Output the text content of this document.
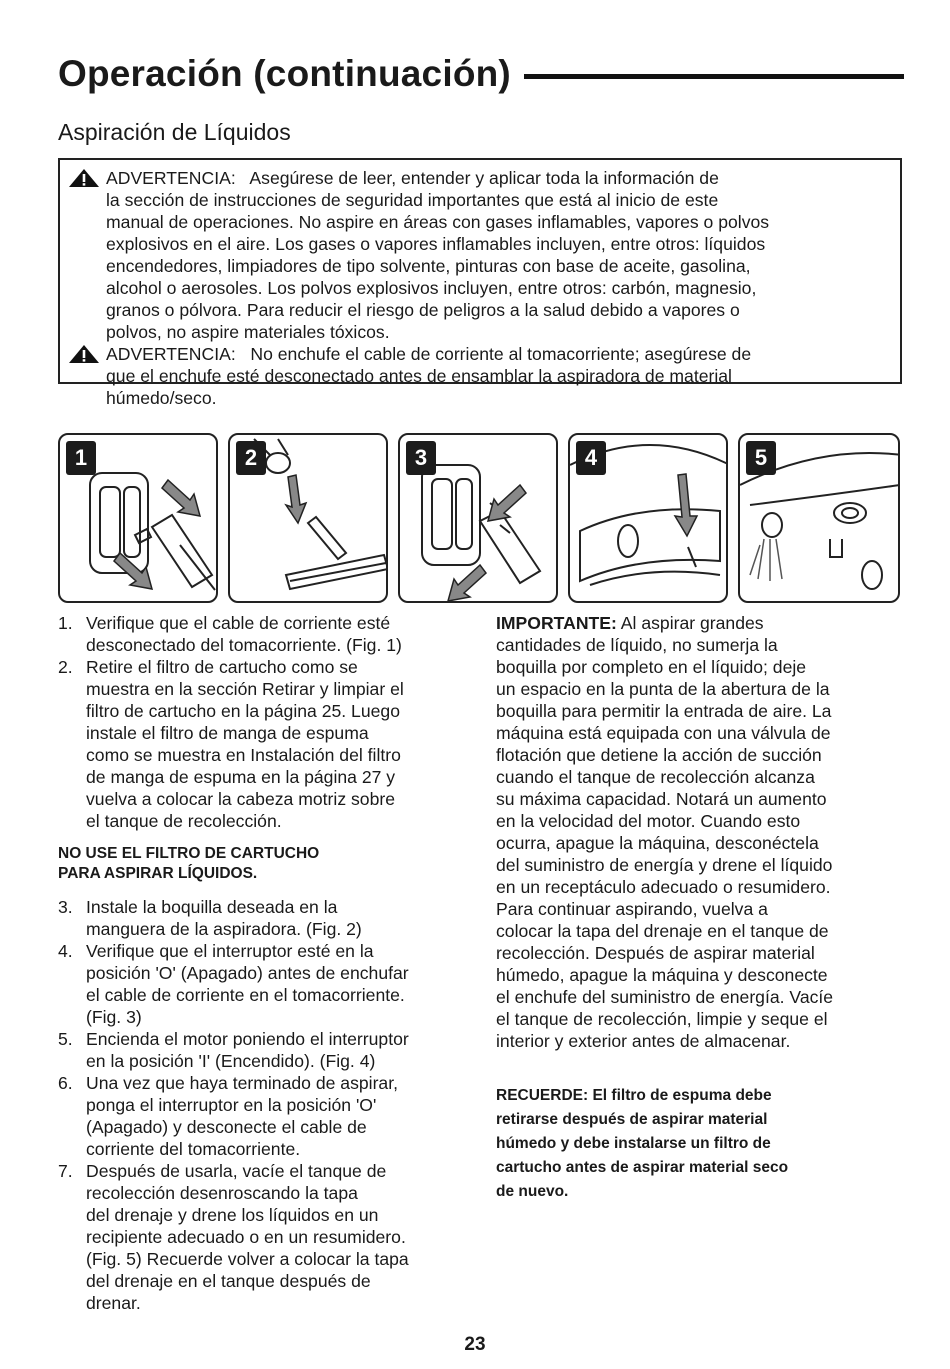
Operación (continuación)
Aspiración de Líquidos

ADVERTENCIA: Asegúrese de leer, entender y aplicar toda la información de
la sección de instrucciones de seguridad importantes que está al inicio de este
manual de operaciones. No aspire en áreas con gases inflamables, vapores o polvos
explosivos en el aire. Los gases o vapores inflamables incluyen, entre otros: líquidos
encendedores, limpiadores de tipo solvente, pinturas con base de aceite, gasolina,
alcohol o aerosoles. Los polvos explosivos incluyen, entre otros: carbón, magnesio,
granos o pólvora. Para reducir el riesgo de peligros a la salud debido a vapores o
polvos, no aspire materiales tóxicos.

ADVERTENCIA: No enchufe el cable de corriente al tomacorriente; asegúrese de
que el enchufe esté desconectado antes de ensamblar la aspiradora de material
húmedo/seco.

1	2	3	4	5
1. Verifique que el cable de corriente esté
desconectado del tomacorriente. (Fig. 1)
2. Retire el filtro de cartucho como se
muestra en la sección Retirar y limpiar el
filtro de cartucho en la página 25. Luego
instale el filtro de manga de espuma
como se muestra en Instalación del filtro
de manga de espuma en la página 27 y
vuelva a colocar la cabeza motriz sobre
el tanque de recolección.

NO USE EL FILTRO DE CARTUCHO
PARA ASPIRAR LÍQUIDOS.

3. Instale la boquilla deseada en la
manguera de la aspiradora. (Fig. 2)
4. Verifique que el interruptor esté en la
posición 'O' (Apagado) antes de enchufar
el cable de corriente en el tomacorriente.
(Fig. 3)
5. Encienda el motor poniendo el interruptor
en la posición 'I' (Encendido). (Fig. 4)
6. Una vez que haya terminado de aspirar,
ponga el interruptor en la posición 'O'
(Apagado) y desconecte el cable de
corriente del tomacorriente.
7. Después de usarla, vacíe el tanque de
recolección desenroscando la tapa
del drenaje y drene los líquidos en un
recipiente adecuado o en un resumidero.
(Fig. 5) Recuerde volver a colocar la tapa
del drenaje en el tanque después de
drenar.

IMPORTANTE: Al aspirar grandes
cantidades de líquido, no sumerja la
boquilla por completo en el líquido; deje
un espacio en la punta de la abertura de la
boquilla para permitir la entrada de aire. La
máquina está equipada con una válvula de
flotación que detiene la acción de succión
cuando el tanque de recolección alcanza
su máxima capacidad. Notará un aumento
en la velocidad del motor. Cuando esto
ocurra, apague la máquina, desconéctela
del suministro de energía y drene el líquido
en un receptáculo adecuado o resumidero.
Para continuar aspirando, vuelva a
colocar la tapa del drenaje en el tanque de
recolección. Después de aspirar material
húmedo, apague la máquina y desconecte
el enchufe del suministro de energía. Vacíe
el tanque de recolección, limpie y seque el
interior y exterior antes de almacenar.

RECUERDE: El filtro de espuma debe
retirarse después de aspirar material
húmedo y debe instalarse un filtro de
cartucho antes de aspirar material seco
de nuevo.

23
